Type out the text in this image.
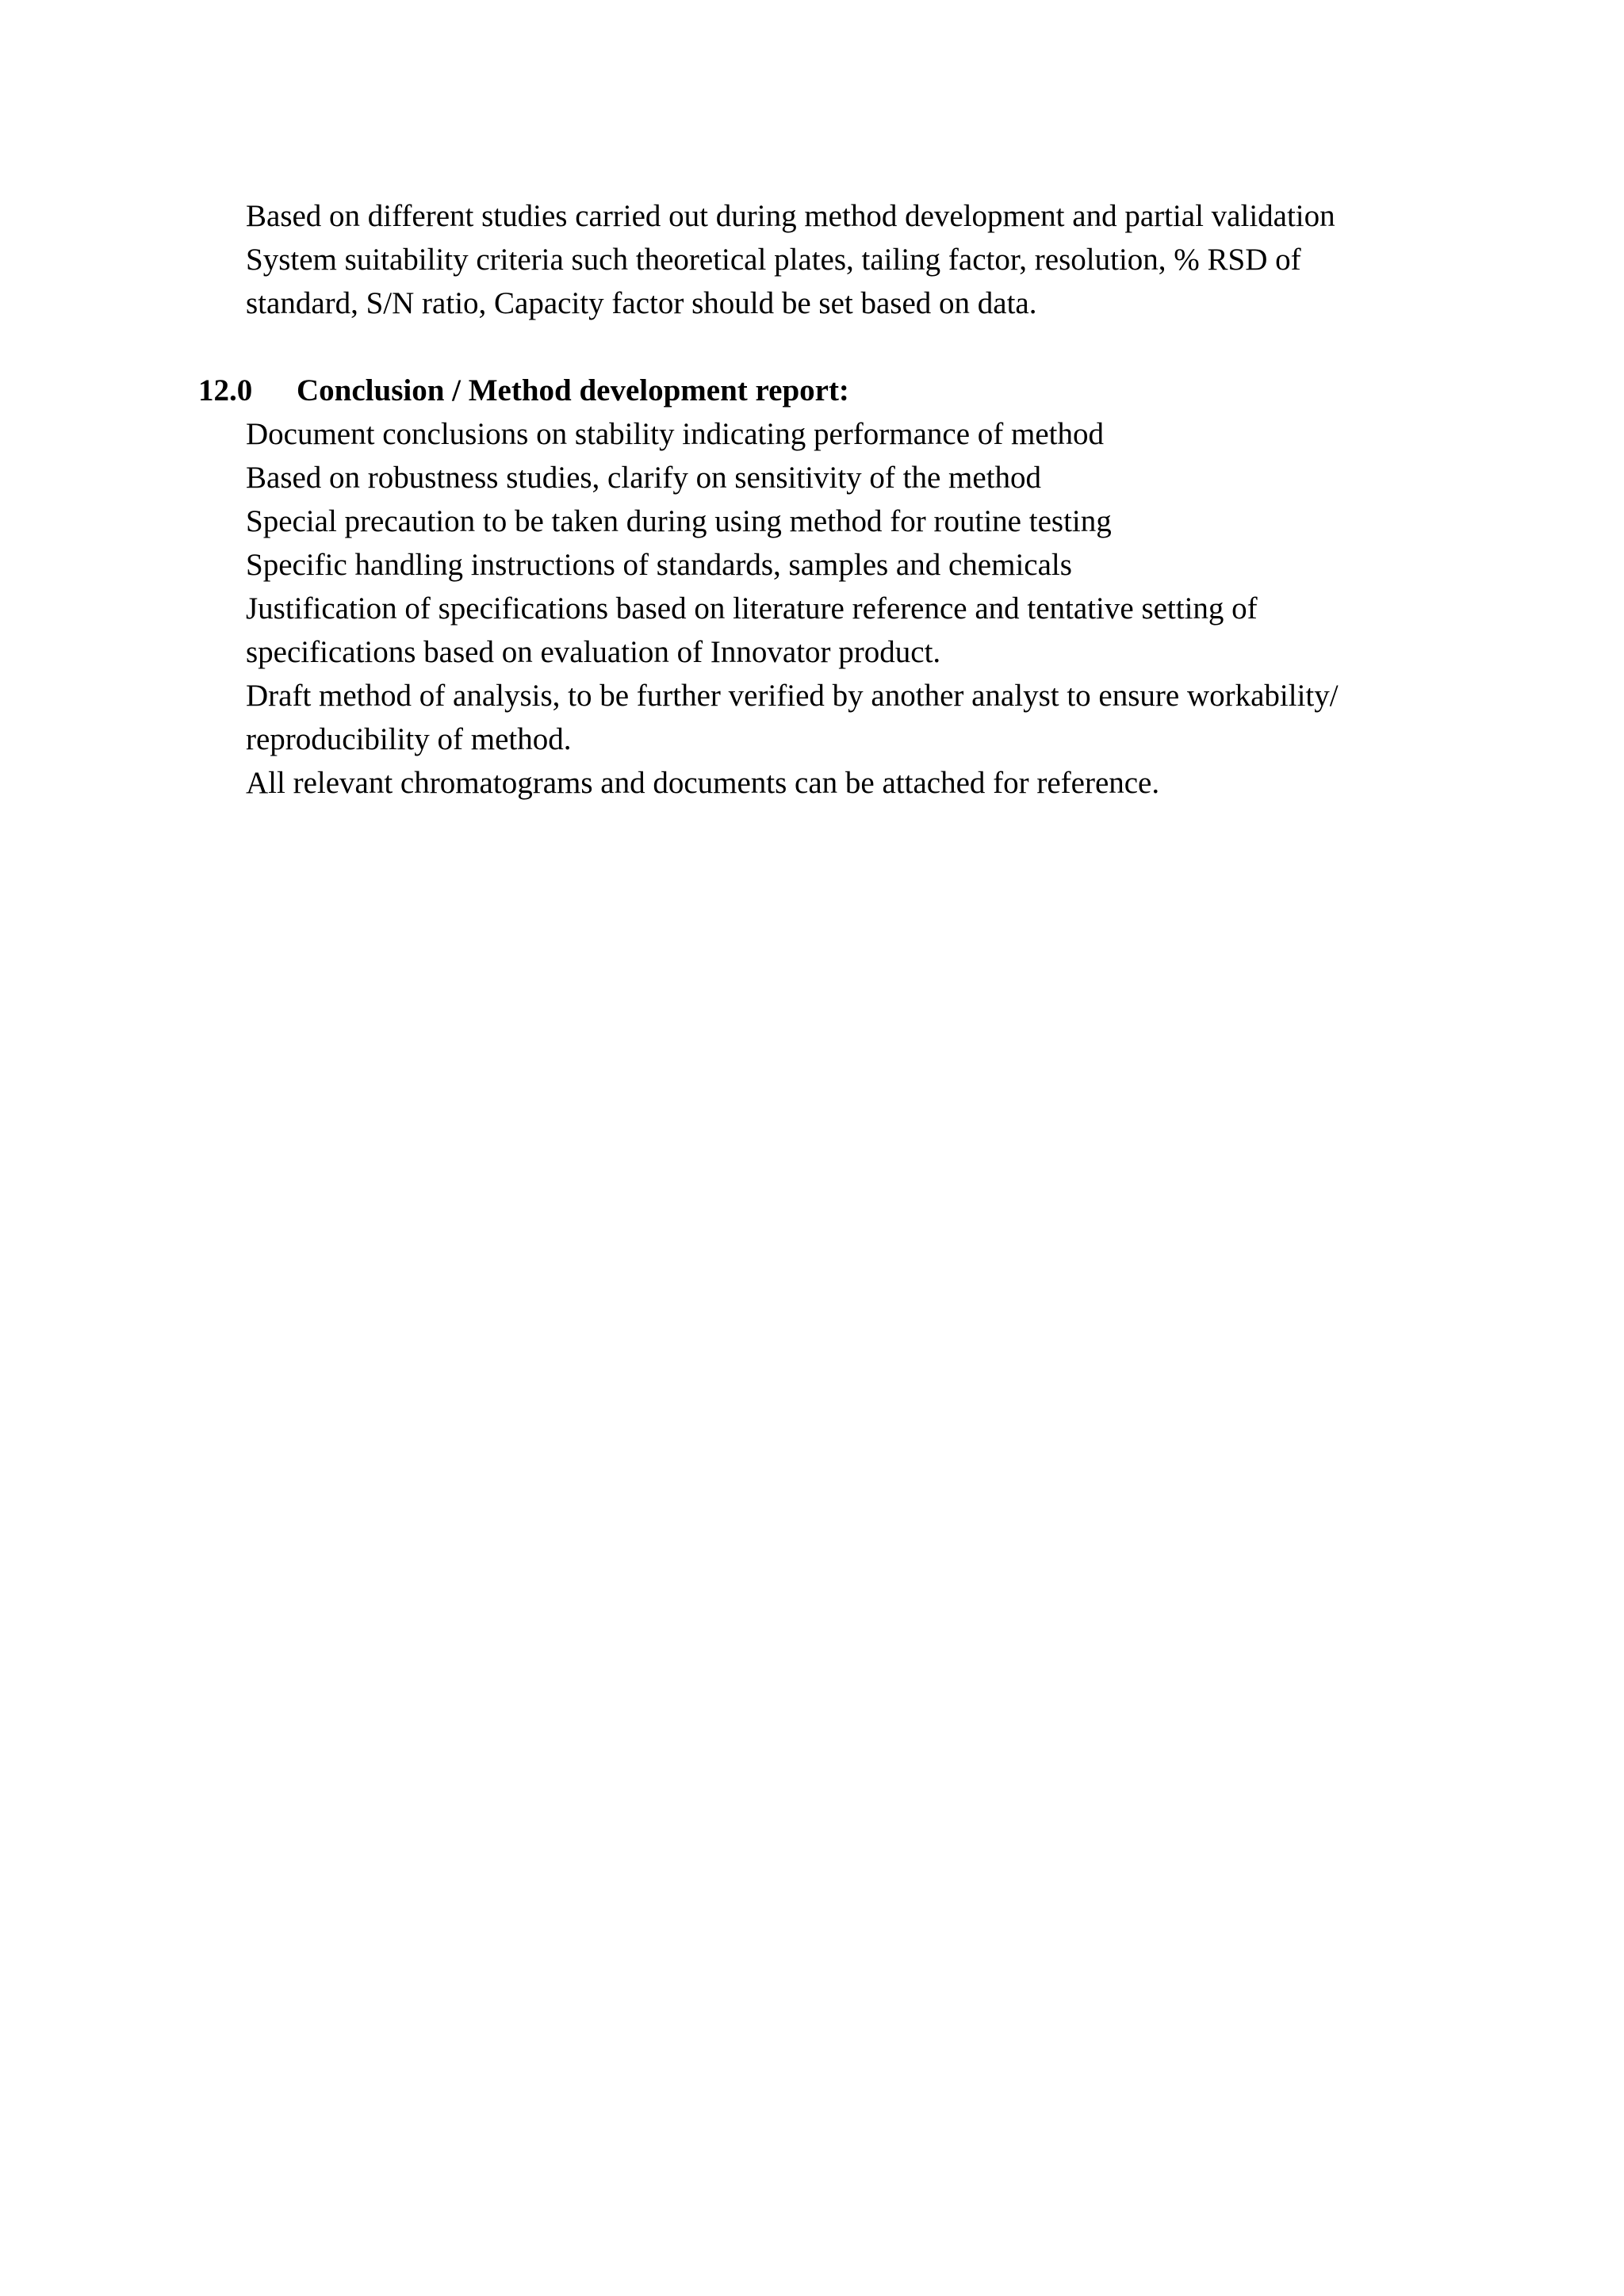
Based on different studies carried out during method development and partial validation
System suitability criteria such theoretical plates, tailing factor, resolution, % RSD of
standard, S/N ratio, Capacity factor should be set based on data.
12.0 Conclusion / Method development report:
Document conclusions on stability indicating performance of method
Based on robustness studies, clarify on sensitivity of the method
Special precaution to be taken during using method for routine testing
Specific handling instructions of standards, samples and chemicals
Justification of specifications based on literature reference and tentative setting of
specifications based on evaluation of Innovator product.
Draft method of analysis, to be further verified by another analyst to ensure workability/
reproducibility of method.
All relevant chromatograms and documents can be attached for reference.
